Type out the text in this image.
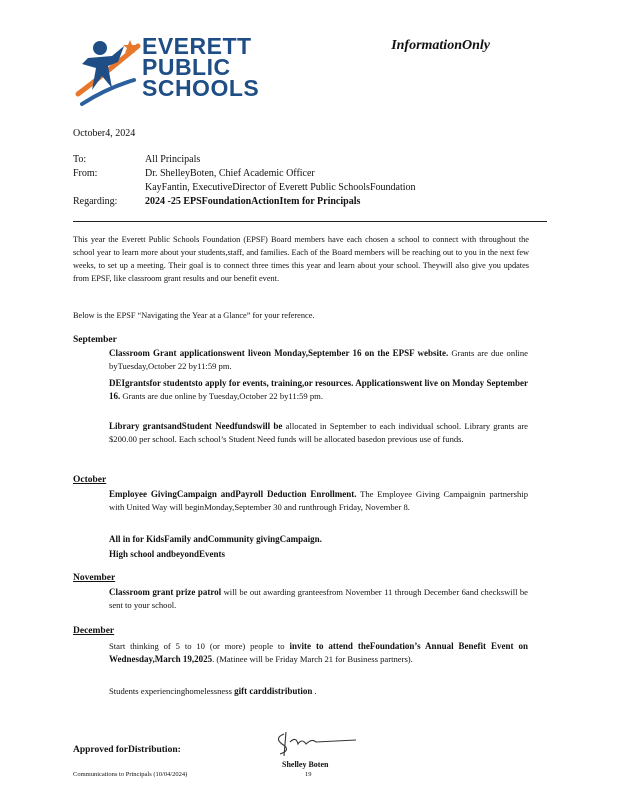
EVERETT
PUBLIC
SCHOOLS
InformationOnly
October4, 2024
To:	All Principals
From:	Dr. ShelleyBoten, Chief Academic Officer
KayFantin, ExecutiveDirector of Everett Public SchoolsFoundation
Regarding:	2024 -25 EPSFoundationActionItem for Principals
This year the Everett Public Schools Foundation (EPSF) Board members have each chosen a school to connect with throughout the school year to learn more about your students,staff, and families. Each of the Board members will be reaching out to you in the next few weeks, to set up a meeting. Their goal is to connect three times this year and learn about your school. Theywill also give you updates from EPSF, like classroom grant results and our benefit event.
Below is the EPSF “Navigating the Year at a Glance” for your reference.
September
Classroom Grant applicationswent liveon Monday,September 16 on the EPSF website. Grants are due online byTuesday,October 22 by11:59 pm.
DEIgrantsfor studentsto apply for events, training,or resources. Applicationswent live on Monday September 16. Grants are due online by Tuesday,October 22 by11:59 pm.
Library grantsandStudent Needfundswill be allocated in September to each individual school. Library grants are $200.00 per school. Each school’s Student Need funds will be allocated basedon previous use of funds.
October
Employee GivingCampaign andPayroll Deduction Enrollment. The Employee Giving Campaignin partnership with United Way will beginMonday,September 30 and runthrough Friday, November 8.
All in for KidsFamily andCommunity givingCampaign.
High school andbeyondEvents
November
Classroom grant prize patrol will be out awarding granteesfrom November 11 through December 6and checkswill be sent to your school.
December
Start thinking of 5 to 10 (or more) people to invite to attend theFoundation’s Annual Benefit Event on Wednesday,March 19,2025. (Matinee will be Friday March 21 for Business partners).
Students experiencinghomelessness gift carddistribution .
Approved forDistribution:
Shelley Boten
Communications to Principals (10/04/2024)	19
